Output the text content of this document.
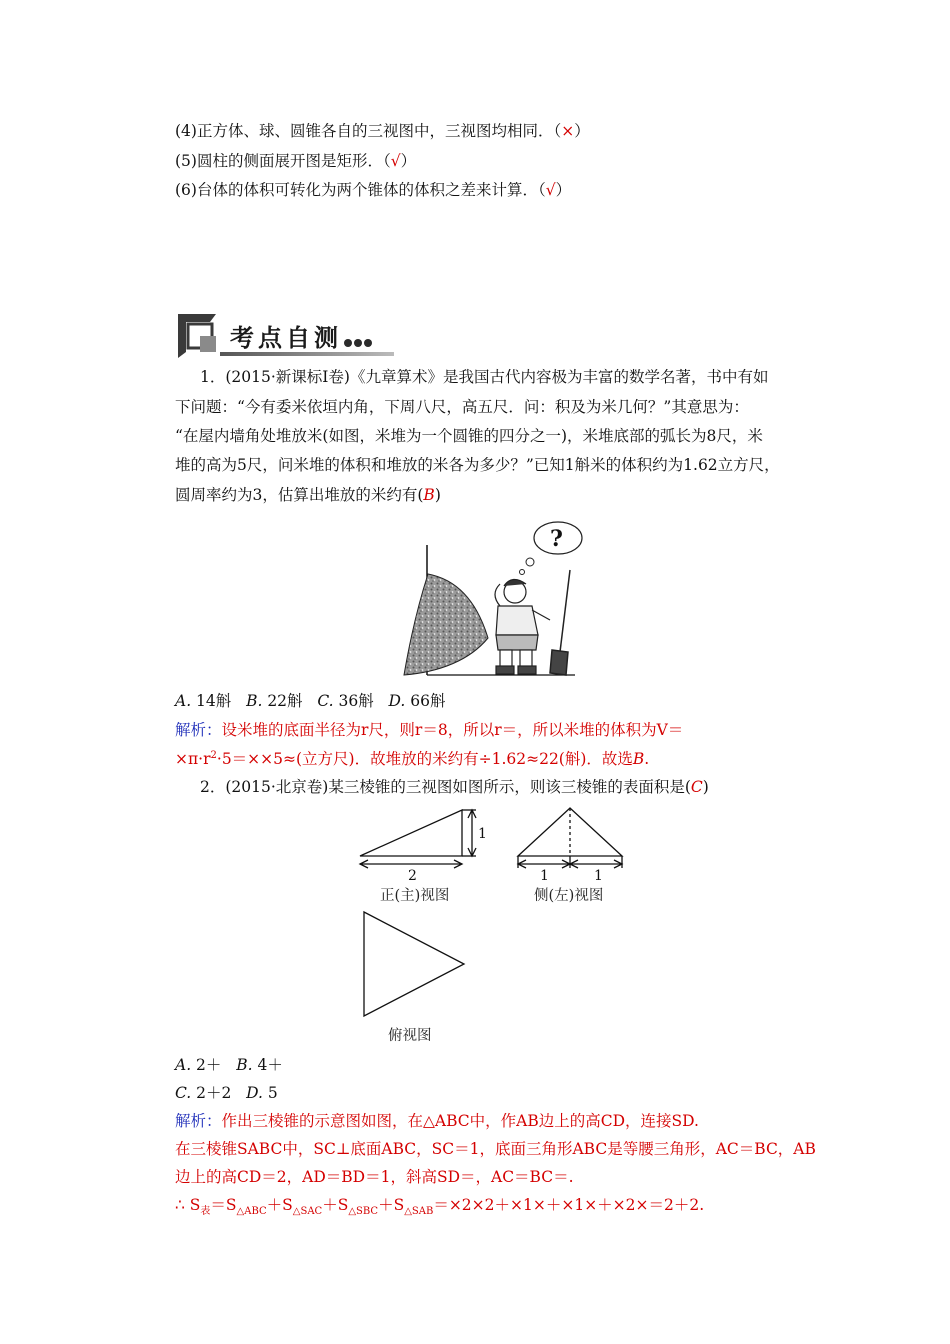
(4)正方体、球、圆锥各自的三视图中，三视图均相同．（×）
(5)圆柱的侧面展开图是矩形．（√）
(6)台体的体积可转化为两个锥体的体积之差来计算．（√）
考点自测
1．(2015·新课标Ⅰ卷)《九章算术》是我国古代内容极为丰富的数学名著，书中有如
下问题：“今有委米依垣内角，下周八尺，高五尺．问：积及为米几何？”其意思为：
“在屋内墙角处堆放米(如图，米堆为一个圆锥的四分之一)，米堆底部的弧长为8尺，米
堆的高为5尺，问米堆的体积和堆放的米各为多少？”已知1斛米的体积约为1.62立方尺，
圆周率约为3，估算出堆放的米约有(B)
?
A. 14斛 B. 22斛 C. 36斛 D. 66斛
解析：设米堆的底面半径为r尺，则r＝8，所以r＝，所以米堆的体积为V＝
$\times\pi\cdot r^2\cdot 5=\times\times 5\approx$(立方尺)．故堆放的米约有÷1.62≈22(斛)．故选B.
2．(2015·北京卷)某三棱锥的三视图如图所示，则该三棱锥的表面积是(C)
2
1
1	1
正(主)视图	侧(左)视图
俯视图
A. 2＋ B. 4＋
C. 2＋2 D. 5
解析：作出三棱锥的示意图如图，在△ABC中，作AB边上的高CD，连接SD.
在三棱锥SABC中，SC⊥底面ABC，SC＝1，底面三角形ABC是等腰三角形，AC＝BC，AB
边上的高CD＝2，AD＝BD＝1，斜高SD＝，AC＝BC＝.
∴ $S_表=S_{\triangle ABC}+S_{\triangle SAC}+S_{\triangle SBC}+S_{\triangle SAB}=\times 2\times 2+\times 1\times+\times 1\times+\times 2\times=2+2$.
